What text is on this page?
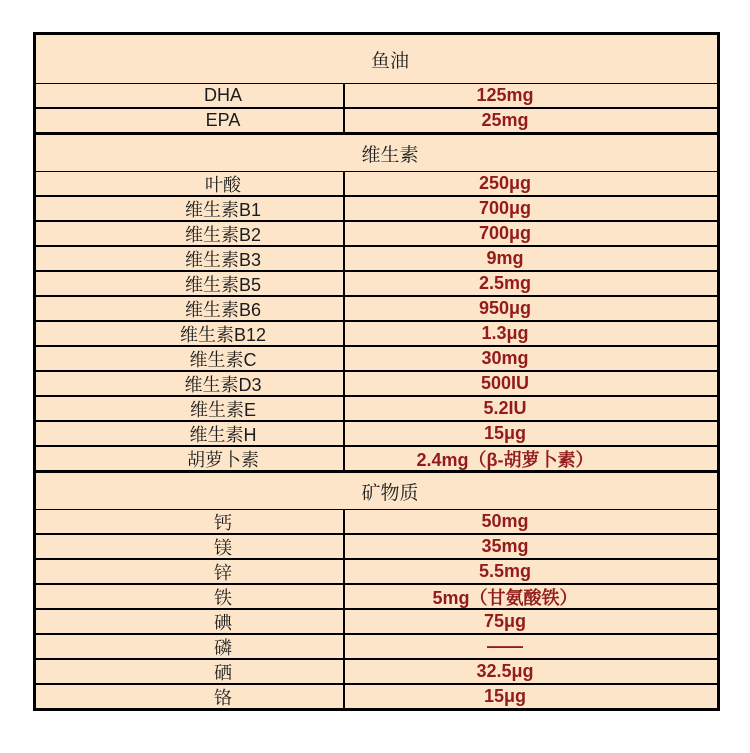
鱼油
DHA	125mg
EPA	25mg
维生素
叶酸	250μg
维生素B1	700μg
维生素B2	700μg
维生素B3	9mg
维生素B5	2.5mg
维生素B6	950μg
维生素B12	1.3μg
维生素C	30mg
维生素D3	500IU
维生素E	5.2IU
维生素H	15μg
胡萝卜素	2.4mg（β-胡萝卜素）
矿物质
钙	50mg
镁	35mg
锌	5.5mg
铁	5mg（甘氨酸铁）
碘	75μg
磷	——
硒	32.5μg
铬	15μg
